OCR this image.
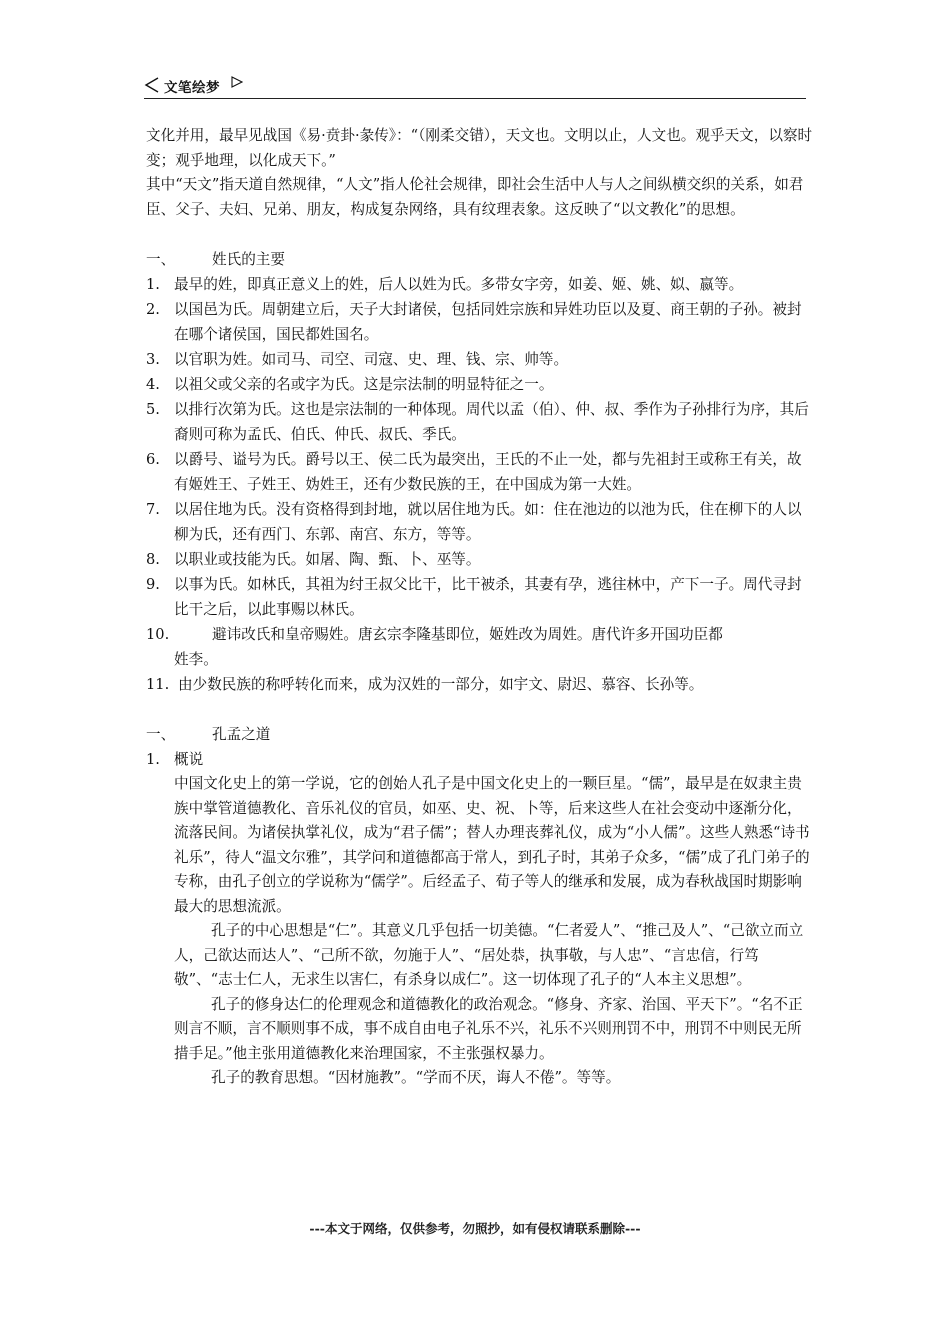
文笔绘梦

文化并用，最早见战国《易·贲卦·彖传》：“（刚柔交错），天文也。文明以止，人文也。观乎天文，以察时变；观乎地理，以化成天下。”

其中“天文”指天道自然规律，“人文”指人伦社会规律，即社会生活中人与人之间纵横交织的关系，如君臣、父子、夫妇、兄弟、朋友，构成复杂网络，具有纹理表象。这反映了“以文教化”的思想。

一、	姓氏的主要
1. 最早的姓，即真正意义上的姓，后人以姓为氏。多带女字旁，如姜、姬、姚、姒、嬴等。
2. 以国邑为氏。周朝建立后，天子大封诸侯，包括同姓宗族和异姓功臣以及夏、商王朝的子孙。被封在哪个诸侯国，国民都姓国名。
3. 以官职为姓。如司马、司空、司寇、史、理、钱、宗、帅等。
4. 以祖父或父亲的名或字为氏。这是宗法制的明显特征之一。
5. 以排行次第为氏。这也是宗法制的一种体现。周代以孟（伯）、仲、叔、季作为子孙排行为序，其后裔则可称为孟氏、伯氏、仲氏、叔氏、季氏。
6. 以爵号、谥号为氏。爵号以王、侯二氏为最突出，王氏的不止一处，都与先祖封王或称王有关，故有姬姓王、子姓王、妫姓王，还有少数民族的王，在中国成为第一大姓。
7. 以居住地为氏。没有资格得到封地，就以居住地为氏。如：住在池边的以池为氏，住在柳下的人以柳为氏，还有西门、东郭、南宫、东方，等等。
8. 以职业或技能为氏。如屠、陶、甄、卜、巫等。
9. 以事为氏。如林氏，其祖为纣王叔父比干，比干被杀，其妻有孕，逃往林中，产下一子。周代寻封比干之后，以此事赐以林氏。
10.	避讳改氏和皇帝赐姓。唐玄宗李隆基即位，姬姓改为周姓。唐代许多开国功臣都
姓李。
11. 由少数民族的称呼转化而来，成为汉姓的一部分，如宇文、尉迟、慕容、长孙等。
一、	孔孟之道
1. 概说

中国文化史上的第一学说，它的创始人孔子是中国文化史上的一颗巨星。“儒”，最早是在奴隶主贵族中掌管道德教化、音乐礼仪的官员，如巫、史、祝、卜等，后来这些人在社会变动中逐渐分化，流落民间。为诸侯执掌礼仪，成为“君子儒”；替人办理丧葬礼仪，成为“小人儒”。这些人熟悉“诗书礼乐”，待人“温文尔雅”，其学问和道德都高于常人，到孔子时，其弟子众多，“儒”成了孔门弟子的专称，由孔子创立的学说称为“儒学”。后经孟子、荀子等人的继承和发展，成为春秋战国时期影响最大的思想流派。

孔子的中心思想是“仁”。其意义几乎包括一切美德。“仁者爱人”、“推己及人”、“己欲立而立人，己欲达而达人”、“己所不欲，勿施于人”、“居处恭，执事敬，与人忠”、“言忠信，行笃敬”、“志士仁人，无求生以害仁，有杀身以成仁”。这一切体现了孔子的“人本主义思想”。

孔子的修身达仁的伦理观念和道德教化的政治观念。“修身、齐家、治国、平天下”。“名不正则言不顺，言不顺则事不成，事不成自由电子礼乐不兴，礼乐不兴则刑罚不中，刑罚不中则民无所措手足。”他主张用道德教化来治理国家，不主张强权暴力。

孔子的教育思想。“因材施教”。“学而不厌，诲人不倦”。等等。

---本文于网络，仅供参考，勿照抄，如有侵权请联系删除---
